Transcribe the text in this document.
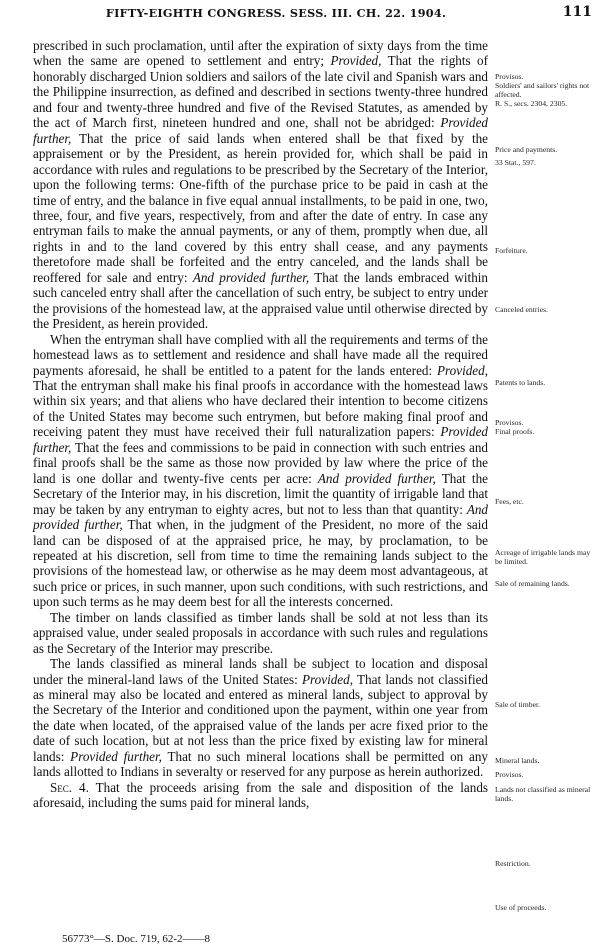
FIFTY-EIGHTH CONGRESS. SESS. III. CH. 22. 1904.	111

prescribed in such proclamation, until after the expiration of sixty days from the time when the same are opened to settlement and entry; Provided, That the rights of honorably discharged Union soldiers and sailors of the late civil and Spanish wars and the Philippine insurrection, as defined and described in sections twenty-three hundred and four and twenty-three hundred and five of the Revised Statutes, as amended by the act of March first, nineteen hundred and one, shall not be abridged: Provided further, That the price of said lands when entered shall be that fixed by the appraisement or by the President, as herein provided for, which shall be paid in accordance with rules and regulations to be prescribed by the Secretary of the Interior, upon the following terms: One-fifth of the purchase price to be paid in cash at the time of entry, and the balance in five equal annual installments, to be paid in one, two, three, four, and five years, respectively, from and after the date of entry. In case any entryman fails to make the annual payments, or any of them, promptly when due, all rights in and to the land covered by this entry shall cease, and any payments theretofore made shall be forfeited and the entry canceled, and the lands shall be reoffered for sale and entry: And provided further, That the lands embraced within such canceled entry shall after the cancellation of such entry, be subject to entry under the provisions of the homestead law, at the appraised value until otherwise directed by the President, as herein provided.

When the entryman shall have complied with all the requirements and terms of the homestead laws as to settlement and residence and shall have made all the required payments aforesaid, he shall be entitled to a patent for the lands entered: Provided, That the entryman shall make his final proofs in accordance with the homestead laws within six years; and that aliens who have declared their intention to become citizens of the United States may become such entrymen, but before making final proof and receiving patent they must have received their full naturalization papers: Provided further, That the fees and commissions to be paid in connection with such entries and final proofs shall be the same as those now provided by law where the price of the land is one dollar and twenty-five cents per acre: And provided further, That the Secretary of the Interior may, in his discretion, limit the quantity of irrigable land that may be taken by any entryman to eighty acres, but not to less than that quantity: And provided further, That when, in the judgment of the President, no more of the said land can be disposed of at the appraised price, he may, by proclamation, to be repeated at his discretion, sell from time to time the remaining lands subject to the provisions of the homestead law, or otherwise as he may deem most advantageous, at such price or prices, in such manner, upon such conditions, with such restrictions, and upon such terms as he may deem best for all the interests concerned.

The timber on lands classified as timber lands shall be sold at not less than its appraised value, under sealed proposals in accordance with such rules and regulations as the Secretary of the Interior may prescribe.

The lands classified as mineral lands shall be subject to location and disposal under the mineral-land laws of the United States: Provided, That lands not classified as mineral may also be located and entered as mineral lands, subject to approval by the Secretary of the Interior and conditioned upon the payment, within one year from the date when located, of the appraised value of the lands per acre fixed prior to the date of such location, but at not less than the price fixed by existing law for mineral lands: Provided further, That no such mineral locations shall be permitted on any lands allotted to Indians in severalty or reserved for any purpose as herein authorized.

Sec. 4. That the proceeds arising from the sale and disposition of the lands aforesaid, including the sums paid for mineral lands,

Provisos.
Soldiers' and sailors' rights not affected.
R. S., secs. 2304, 2305.
Price and payments.
33 Stat., 597.
Forfeiture.
Canceled entries.
Patents to lands.
Provisos.
Final proofs.
Fees, etc.
Acreage of irrigable lands may be limited.
Sale of remaining lands.
Sale of timber.
Mineral lands.
Provisos.
Lands not classified as mineral lands.
Restriction.
Use of proceeds.
56773°—S. Doc. 719, 62-2——8
